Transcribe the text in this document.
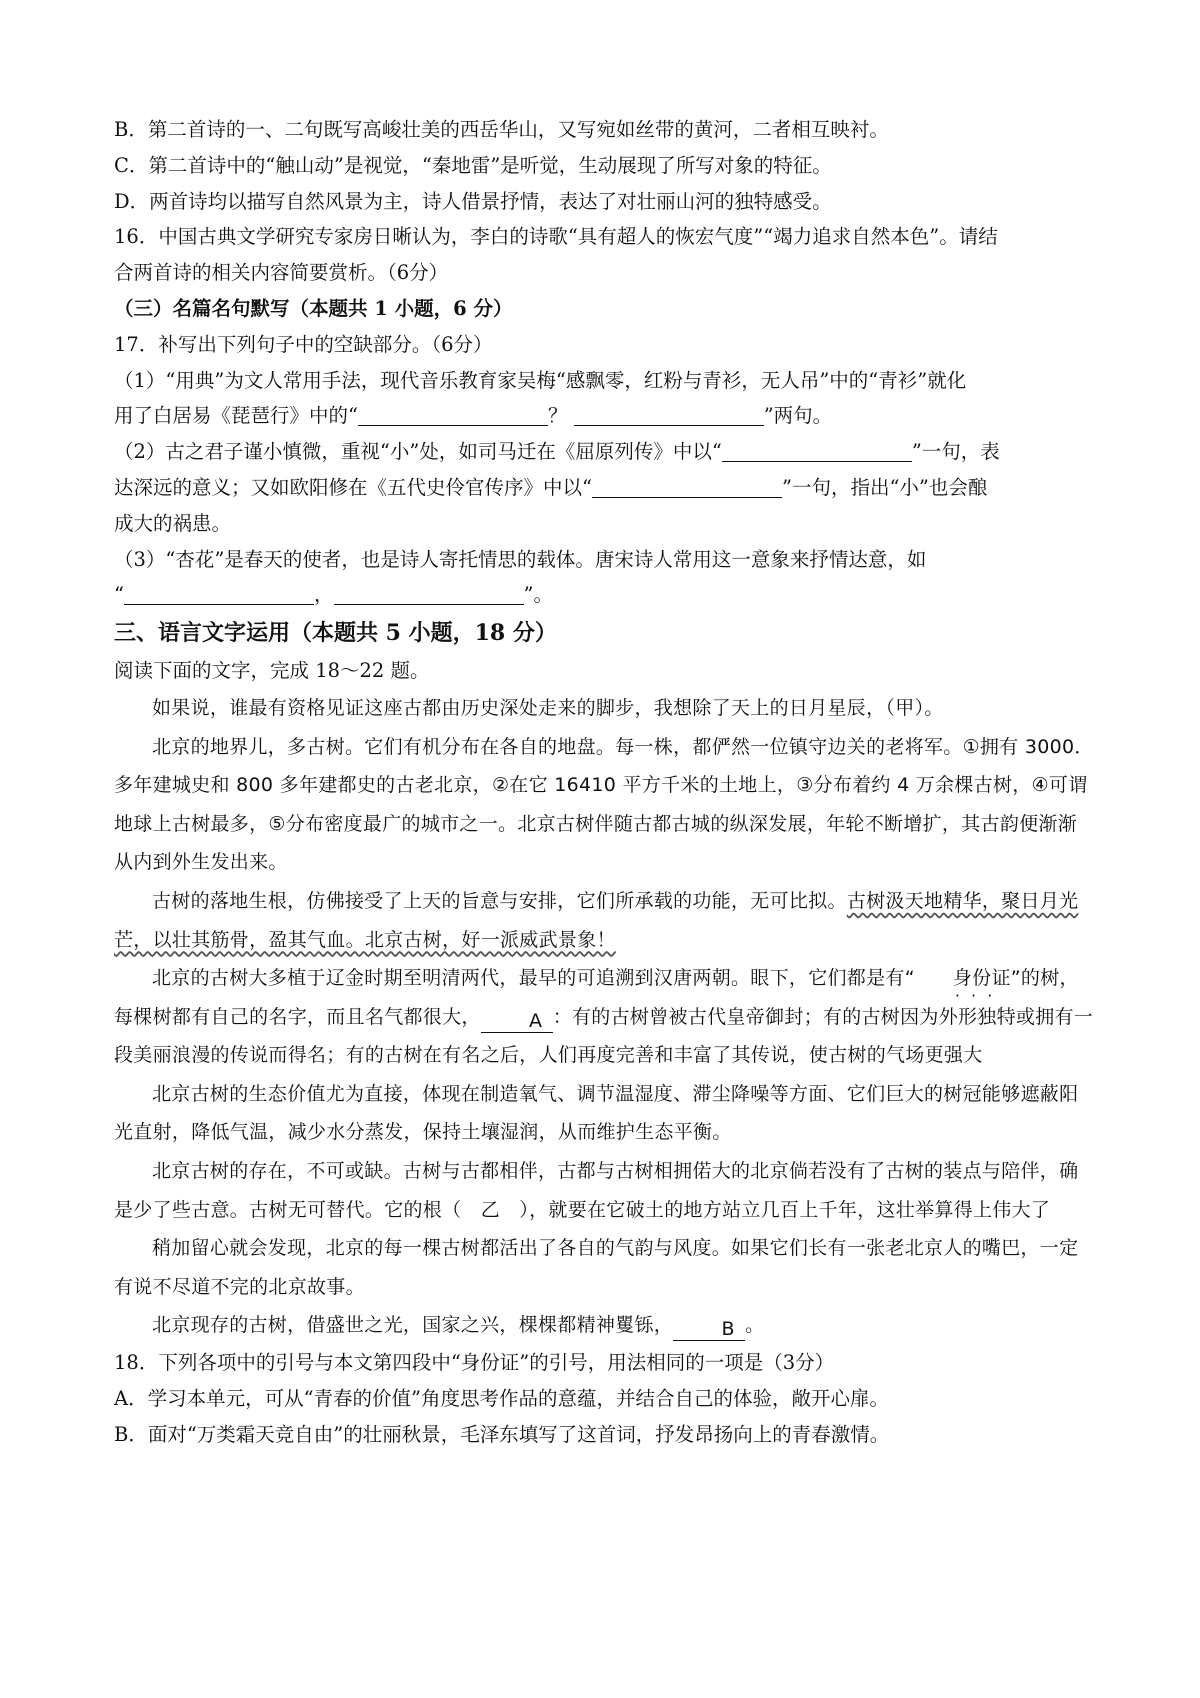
B．第二首诗的一、二句既写高峻壮美的西岳华山，又写宛如丝带的黄河，二者相互映衬。

C．第二首诗中的“触山动”是视觉，“秦地雷”是听觉，生动展现了所写对象的特征。

D．两首诗均以描写自然风景为主，诗人借景抒情，表达了对壮丽山河的独特感受。

16．中国古典文学研究专家房日晰认为，李白的诗歌“具有超人的恢宏气度”“竭力追求自然本色”。请结

合两首诗的相关内容简要赏析。（6分）

（三）名篇名句默写（本题共 1 小题，6 分）

17．补写出下列句子中的空缺部分。（6分）

（1）“用典”为文人常用手法，现代音乐教育家吴梅“感飘零，红粉与青衫，无人吊”中的“青衫”就化

用了白居易《琵琶行》中的“	？	”两句。

（2）古之君子谨小慎微，重视“小”处，如司马迁在《屈原列传》中以“	”一句，表

达深远的意义；又如欧阳修在《五代史伶官传序》中以“	”一句，指出“小”也会酿

成大的祸患。

（3）“杏花”是春天的使者，也是诗人寄托情思的载体。唐宋诗人常用这一意象来抒情达意，如

“	，	”。

三、语言文字运用（本题共 5 小题，18 分）

阅读下面的文字，完成 18～22 题。

如果说，谁最有资格见证这座古都由历史深处走来的脚步，我想除了天上的日月星辰，（甲）。

北京的地界儿，多古树。它们有机分布在各自的地盘。每一株，都俨然一位镇守边关的老将军。①拥有 3000．多年建城史和 800 多年建都史的古老北京，②在它 16410 平方千米的土地上，③分布着约 4 万余棵古树，④可谓地球上古树最多，⑤分布密度最广的城市之一。北京古树伴随古都古城的纵深发展，年轮不断增扩，其古韵便渐渐从内到外生发出来。

古树的落地生根，仿佛接受了上天的旨意与安排，它们所承载的功能，无可比拟。古树汲天地精华，聚日月光芒，以壮其筋骨，盈其气血。北京古树，好一派威武景象！

北京的古树大多植于辽金时期至明清两代，最早的可追溯到汉唐两朝。眼下，它们都是有“ 身份证 · · ·”的树，每棵树都有自己的名字，而且名气都很大，	A ：有的古树曾被古代皇帝御封；有的古树因为外形独特或拥有一段美丽浪漫的传说而得名；有的古树在有名之后，人们再度完善和丰富了其传说，使古树的气场更强大

北京古树的生态价值尤为直接，体现在制造氧气、调节温湿度、滞尘降噪等方面、它们巨大的树冠能够遮蔽阳光直射，降低气温，减少水分蒸发，保持土壤湿润，从而维护生态平衡。

北京古树的存在，不可或缺。古树与古都相伴，古都与古树相拥偌大的北京倘若没有了古树的装点与陪伴，确是少了些古意。古树无可替代。它的根（　乙　），就要在它破土的地方站立几百上千年，这壮举算得上伟大了

稍加留心就会发现，北京的每一棵古树都活出了各自的气韵与风度。如果它们长有一张老北京人的嘴巴，一定有说不尽道不完的北京故事。

北京现存的古树，借盛世之光，国家之兴，棵棵都精神矍铄，	B 。

18．下列各项中的引号与本文第四段中“身份证”的引号，用法相同的一项是（3分）

A．学习本单元，可从“青春的价值”角度思考作品的意蕴，并结合自己的体验，敞开心扉。

B．面对“万类霜天竞自由”的壮丽秋景，毛泽东填写了这首词，抒发昂扬向上的青春激情。
